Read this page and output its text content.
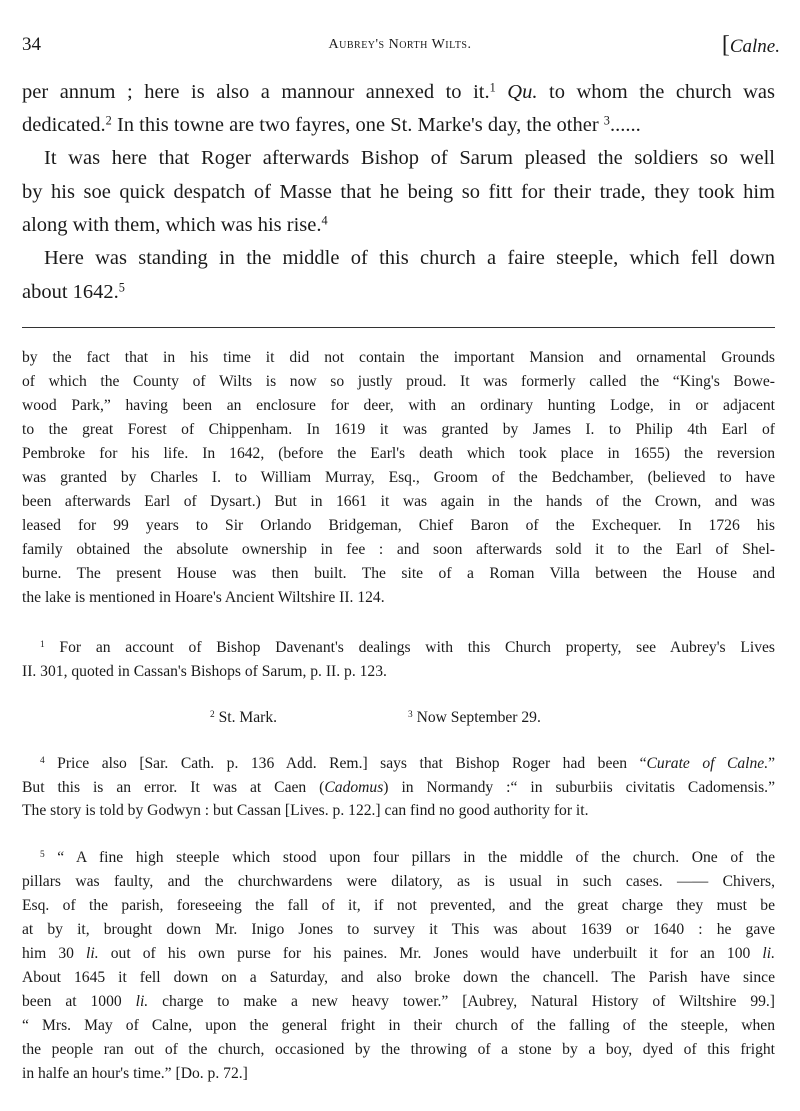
34	Aubrey's North Wilts.	[Calne.
per annum ; here is also a mannour annexed to it.$^1$ Qu. to whom the church was
dedicated.$^2$ In this towne are two fayres, one St. Marke's day, the other $^3$......
It was here that Roger afterwards Bishop of Sarum pleased the soldiers so well
by his soe quick despatch of Masse that he being so fitt for their trade, they took him
along with them, which was his rise.$^4$
Here was standing in the middle of this church a faire steeple, which fell down
about 1642.$^5$
by the fact that in his time it did not contain the important Mansion and ornamental Grounds
of which the County of Wilts is now so justly proud. It was formerly called the “King's Bowe-
wood Park,” having been an enclosure for deer, with an ordinary hunting Lodge, in or adjacent
to the great Forest of Chippenham. In 1619 it was granted by James I. to Philip 4th Earl of
Pembroke for his life. In 1642, (before the Earl's death which took place in 1655) the reversion
was granted by Charles I. to William Murray, Esq., Groom of the Bedchamber, (believed to have
been afterwards Earl of Dysart.) But in 1661 it was again in the hands of the Crown, and was
leased for 99 years to Sir Orlando Bridgeman, Chief Baron of the Exchequer. In 1726 his
family obtained the absolute ownership in fee : and soon afterwards sold it to the Earl of Shel-
burne. The present House was then built. The site of a Roman Villa between the House and
the lake is mentioned in Hoare's Ancient Wiltshire II. 124.
$^1$ For an account of Bishop Davenant's dealings with this Church property, see Aubrey's Lives
II. 301, quoted in Cassan's Bishops of Sarum, p. II. p. 123.
$^2$ St. Mark.	$^3$ Now September 29.
$^4$ Price also [Sar. Cath. p. 136 Add. Rem.] says that Bishop Roger had been “Curate of Calne.”
But this is an error. It was at Caen (Cadomus) in Normandy :“ in suburbiis civitatis Cadomensis.”
The story is told by Godwyn : but Cassan [Lives. p. 122.] can find no good authority for it.
$^5$ “ A fine high steeple which stood upon four pillars in the middle of the church. One of the
pillars was faulty, and the churchwardens were dilatory, as is usual in such cases. —— Chivers,
Esq. of the parish, foreseeing the fall of it, if not prevented, and the great charge they must be
at by it, brought down Mr. Inigo Jones to survey it This was about 1639 or 1640 : he gave
him 30 li. out of his own purse for his paines. Mr. Jones would have underbuilt it for an 100 li.
About 1645 it fell down on a Saturday, and also broke down the chancell. The Parish have since
been at 1000 li. charge to make a new heavy tower.” [Aubrey, Natural History of Wiltshire 99.]
“ Mrs. May of Calne, upon the general fright in their church of the falling of the steeple, when
the people ran out of the church, occasioned by the throwing of a stone by a boy, dyed of this fright
in halfe an hour's time.” [Do. p. 72.]
